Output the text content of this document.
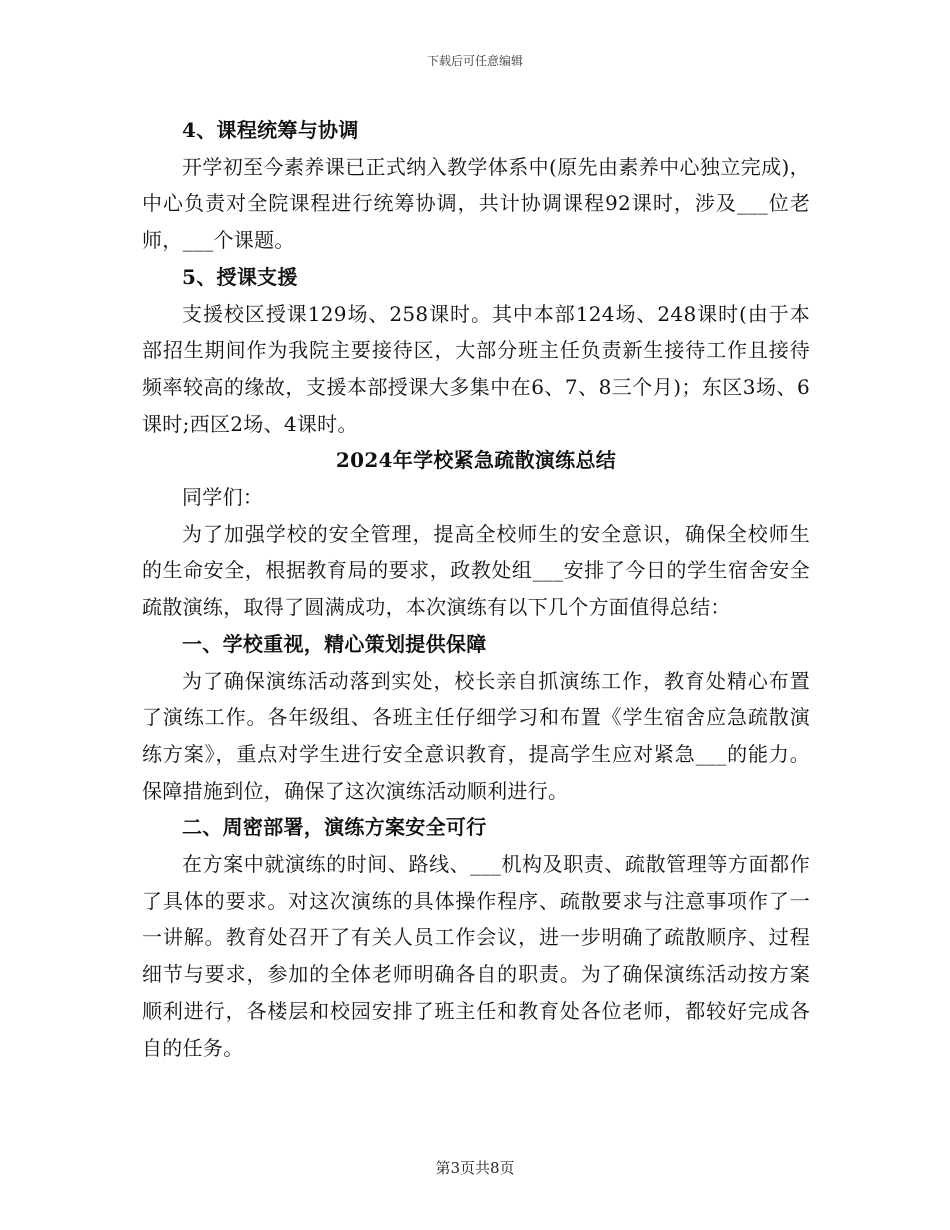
下载后可任意编辑

4、课程统筹与协调

开学初至今素养课已正式纳入教学体系中(原先由素养中心独立完成)，中心负责对全院课程进行统筹协调，共计协调课程92课时，涉及___位老师，___个课题。

5、授课支援

支援校区授课129场、258课时。其中本部124场、248课时(由于本部招生期间作为我院主要接待区，大部分班主任负责新生接待工作且接待频率较高的缘故，支援本部授课大多集中在6、7、8三个月)；东区3场、6课时;西区2场、4课时。

2024年学校紧急疏散演练总结

同学们：

为了加强学校的安全管理，提高全校师生的安全意识，确保全校师生的生命安全，根据教育局的要求，政教处组___安排了今日的学生宿舍安全疏散演练，取得了圆满成功，本次演练有以下几个方面值得总结：

一、学校重视，精心策划提供保障

为了确保演练活动落到实处，校长亲自抓演练工作，教育处精心布置了演练工作。各年级组、各班主任仔细学习和布置《学生宿舍应急疏散演练方案》，重点对学生进行安全意识教育，提高学生应对紧急___的能力。保障措施到位，确保了这次演练活动顺利进行。

二、周密部署，演练方案安全可行

在方案中就演练的时间、路线、___机构及职责、疏散管理等方面都作了具体的要求。对这次演练的具体操作程序、疏散要求与注意事项作了一一讲解。教育处召开了有关人员工作会议，进一步明确了疏散顺序、过程细节与要求，参加的全体老师明确各自的职责。为了确保演练活动按方案顺利进行，各楼层和校园安排了班主任和教育处各位老师，都较好完成各自的任务。

第3页共8页
